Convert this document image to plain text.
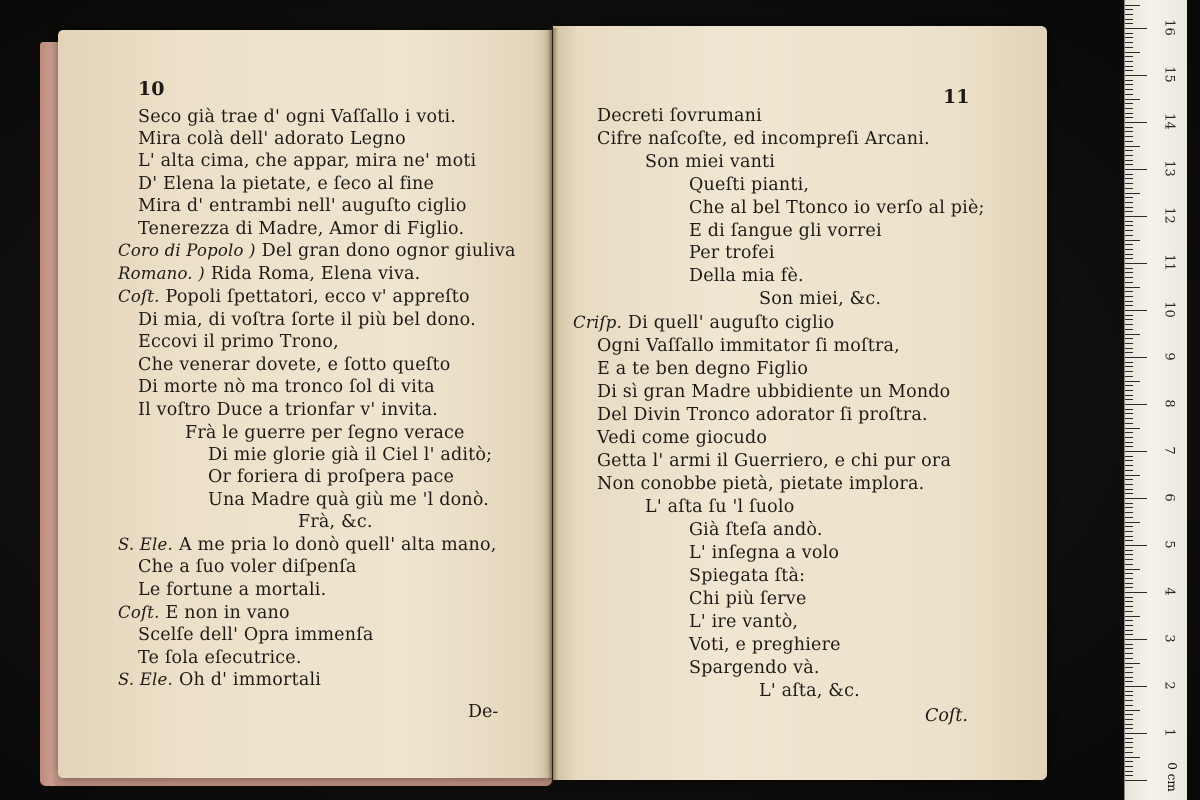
10
Seco già trae d' ogni Vaſſallo i voti.
Mira colà dell' adorato Legno
L' alta cima, che appar, mira ne' moti
D' Elena la pietate, e ſeco al fine
Mira d' entrambi nell' auguſto ciglio
Tenerezza di Madre, Amor di Figlio.
Coro di Popolo ) Del gran dono ognor giuliva
Romano. ) Rida Roma, Elena viva.
Coſt. Popoli ſpettatori, ecco v' appreſto
Di mia, di voſtra ſorte il più bel dono.
Eccovi il primo Trono,
Che venerar dovete, e ſotto queſto
Di morte nò ma tronco ſol di vita
Il voſtro Duce a trionfar v' invita.
Frà le guerre per ſegno verace
Di mie glorie già il Ciel l' aditò;
Or foriera di proſpera pace
Una Madre quà giù me 'l donò.
Frà, &c.
S. Ele. A me pria lo donò quell' alta mano,
Che a ſuo voler diſpenſa
Le fortune a mortali.
Coſt. E non in vano
Scelſe dell' Opra immenſa
Te ſola eſecutrice.
S. Ele. Oh d' immortali
De-
11
Decreti ſovrumani
Cifre naſcoſte, ed incompreſi Arcani.
Son miei vanti
Queſti pianti,
Che al bel Ttonco io verſo al piè;
E di ſangue gli vorrei
Per trofei
Della mia fè.
Son miei, &c.
Criſp. Di quell' auguſto ciglio
Ogni Vaſſallo immitator ſi moſtra,
E a te ben degno Figlio
Di sì gran Madre ubbidiente un Mondo
Del Divin Tronco adorator ſi proſtra.
Vedi come giocudo
Getta l' armi il Guerriero, e chi pur ora
Non conobbe pietà, pietate implora.
L' aſta ſu 'l ſuolo
Già ſteſa andò.
L' inſegna a volo
Spiegata ſtà:
Chi più ſerve
L' ire vantò,
Voti, e preghiere
Spargendo và.
L' aſta, &c.
Coſt.
0 cm
1
2
3
4
5
6
7
8
9
10
11
12
13
14
15
16
